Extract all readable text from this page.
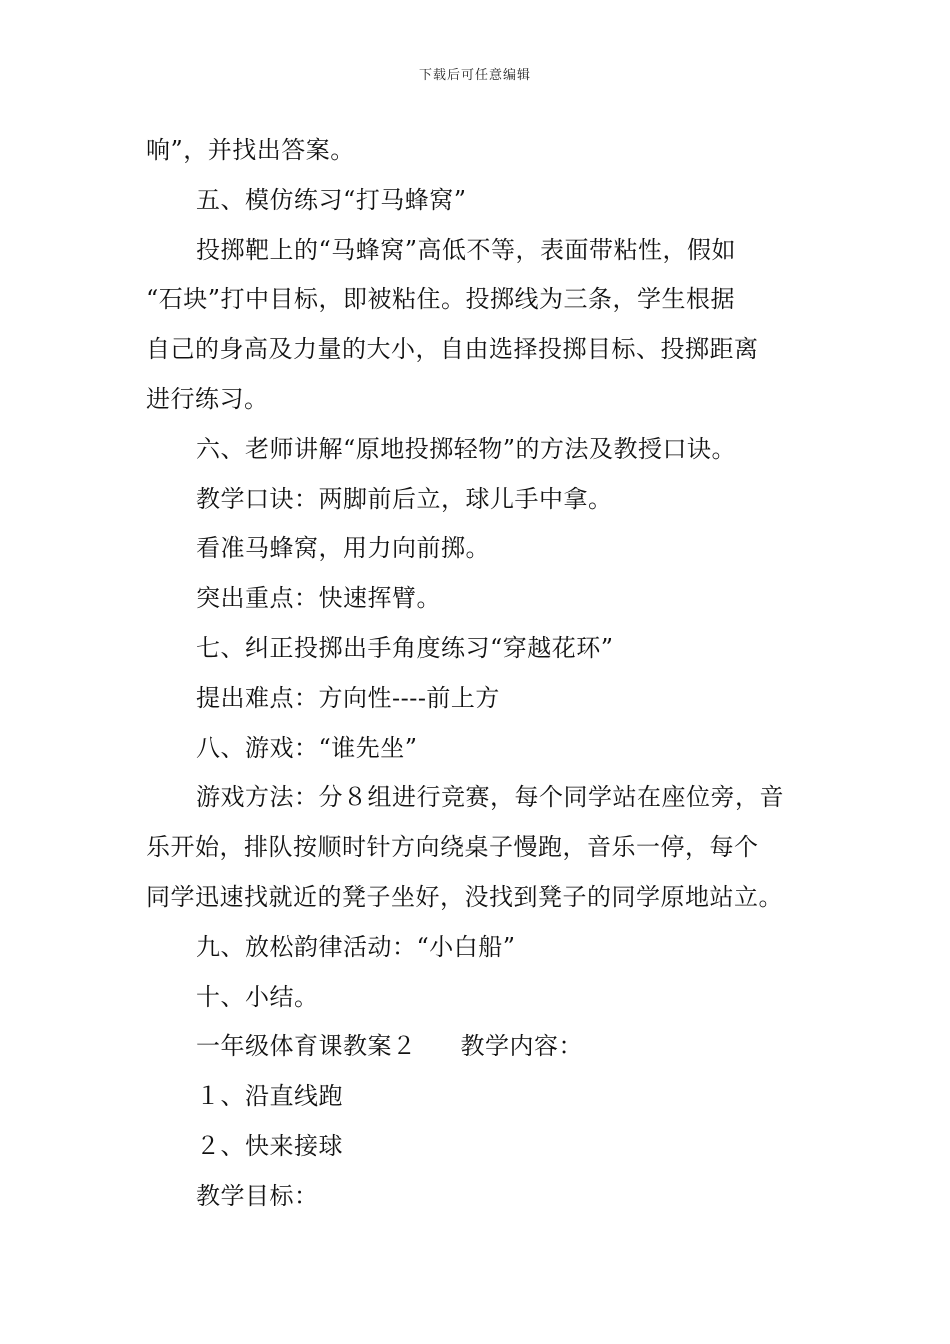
下载后可任意编辑
响”，并找出答案。
五、模仿练习“打马蜂窝”
投掷靶上的“马蜂窝”高低不等，表面带粘性，假如
“石块”打中目标，即被粘住。投掷线为三条，学生根据
自己的身高及力量的大小，自由选择投掷目标、投掷距离
进行练习。
六、老师讲解“原地投掷轻物”的方法及教授口诀。
教学口诀：两脚前后立，球儿手中拿。
看准马蜂窝，用力向前掷。
突出重点：快速挥臂。
七、纠正投掷出手角度练习“穿越花环”
提出难点：方向性----前上方
八、游戏：“谁先坐”
游戏方法：分８组进行竞赛，每个同学站在座位旁，音
乐开始，排队按顺时针方向绕桌子慢跑，音乐一停，每个
同学迅速找就近的凳子坐好，没找到凳子的同学原地站立。
九、放松韵律活动：“小白船”
十、小结。
一年级体育课教案２ 教学内容：
１、沿直线跑
２、快来接球
教学目标：
